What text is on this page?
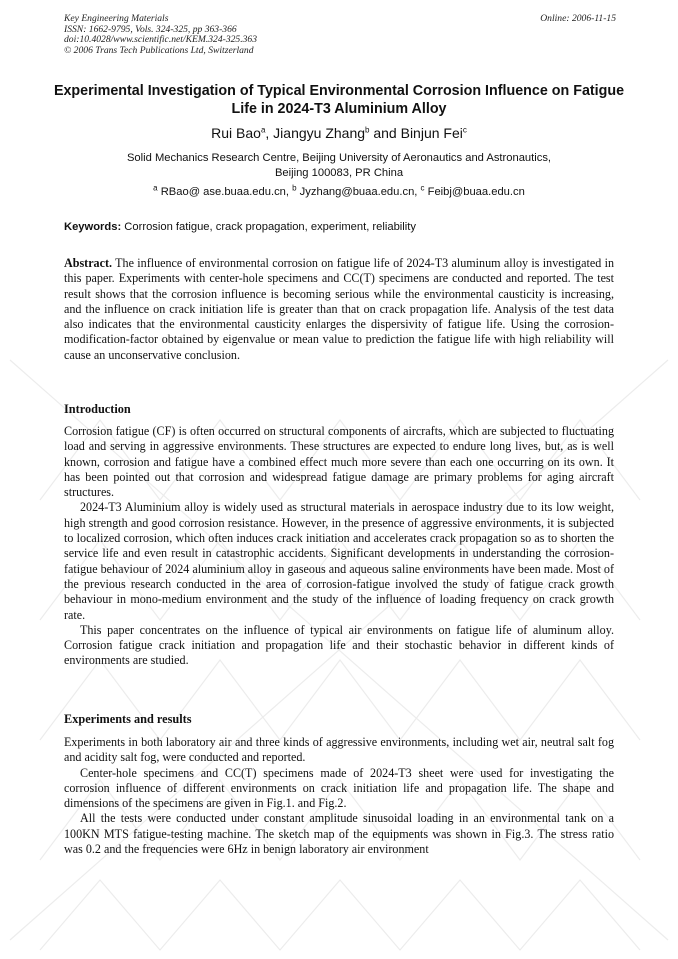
Key Engineering Materials
ISSN: 1662-9795, Vols. 324-325, pp 363-366
doi:10.4028/www.scientific.net/KEM.324-325.363
© 2006 Trans Tech Publications Ltd, Switzerland
Online: 2006-11-15
Experimental Investigation of Typical Environmental Corrosion Influence on Fatigue Life in 2024-T3 Aluminium Alloy
Rui Bao$^a$, Jiangyu Zhang$^b$ and Binjun Fei$^c$
Solid Mechanics Research Centre, Beijing University of Aeronautics and Astronautics,
Beijing 100083, PR China
$^a$ RBao@ ase.buaa.edu.cn, $^b$ Jyzhang@buaa.edu.cn, $^c$ Feibj@buaa.edu.cn
Keywords: Corrosion fatigue, crack propagation, experiment, reliability

Abstract. The influence of environmental corrosion on fatigue life of 2024-T3 aluminum alloy is investigated in this paper. Experiments with center-hole specimens and CC(T) specimens are conducted and reported. The test result shows that the corrosion influence is becoming serious while the environmental causticity is increasing, and the influence on crack initiation life is greater than that on crack propagation life. Analysis of the test data also indicates that the environmental causticity enlarges the dispersivity of fatigue life. Using the corrosion-modification-factor obtained by eigenvalue or mean value to prediction the fatigue life with high reliability will cause an unconservative conclusion.

Introduction

Corrosion fatigue (CF) is often occurred on structural components of aircrafts, which are subjected to fluctuating load and serving in aggressive environments. These structures are expected to endure long lives, but, as is well known, corrosion and fatigue have a combined effect much more severe than each one occurring on its own. It has been pointed out that corrosion and widespread fatigue damage are primary problems for aging aircraft structures.

2024-T3 Aluminium alloy is widely used as structural materials in aerospace industry due to its low weight, high strength and good corrosion resistance. However, in the presence of aggressive environments, it is subjected to localized corrosion, which often induces crack initiation and accelerates crack propagation so as to shorten the service life and even result in catastrophic accidents. Significant developments in understanding the corrosion-fatigue behaviour of 2024 aluminium alloy in gaseous and aqueous saline environments have been made. Most of the previous research conducted in the area of corrosion-fatigue involved the study of fatigue crack growth behaviour in mono-medium environment and the study of the influence of loading frequency on crack growth rate.

This paper concentrates on the influence of typical air environments on fatigue life of aluminum alloy. Corrosion fatigue crack initiation and propagation life and their stochastic behavior in different kinds of environments are studied.

Experiments and results

Experiments in both laboratory air and three kinds of aggressive environments, including wet air, neutral salt fog and acidity salt fog, were conducted and reported.

Center-hole specimens and CC(T) specimens made of 2024-T3 sheet were used for investigating the corrosion influence of different environments on crack initiation life and propagation life. The shape and dimensions of the specimens are given in Fig.1. and Fig.2.

All the tests were conducted under constant amplitude sinusoidal loading in an environmental tank on a 100KN MTS fatigue-testing machine. The sketch map of the equipments was shown in Fig.3. The stress ratio was 0.2 and the frequencies were 6Hz in benign laboratory air environment
